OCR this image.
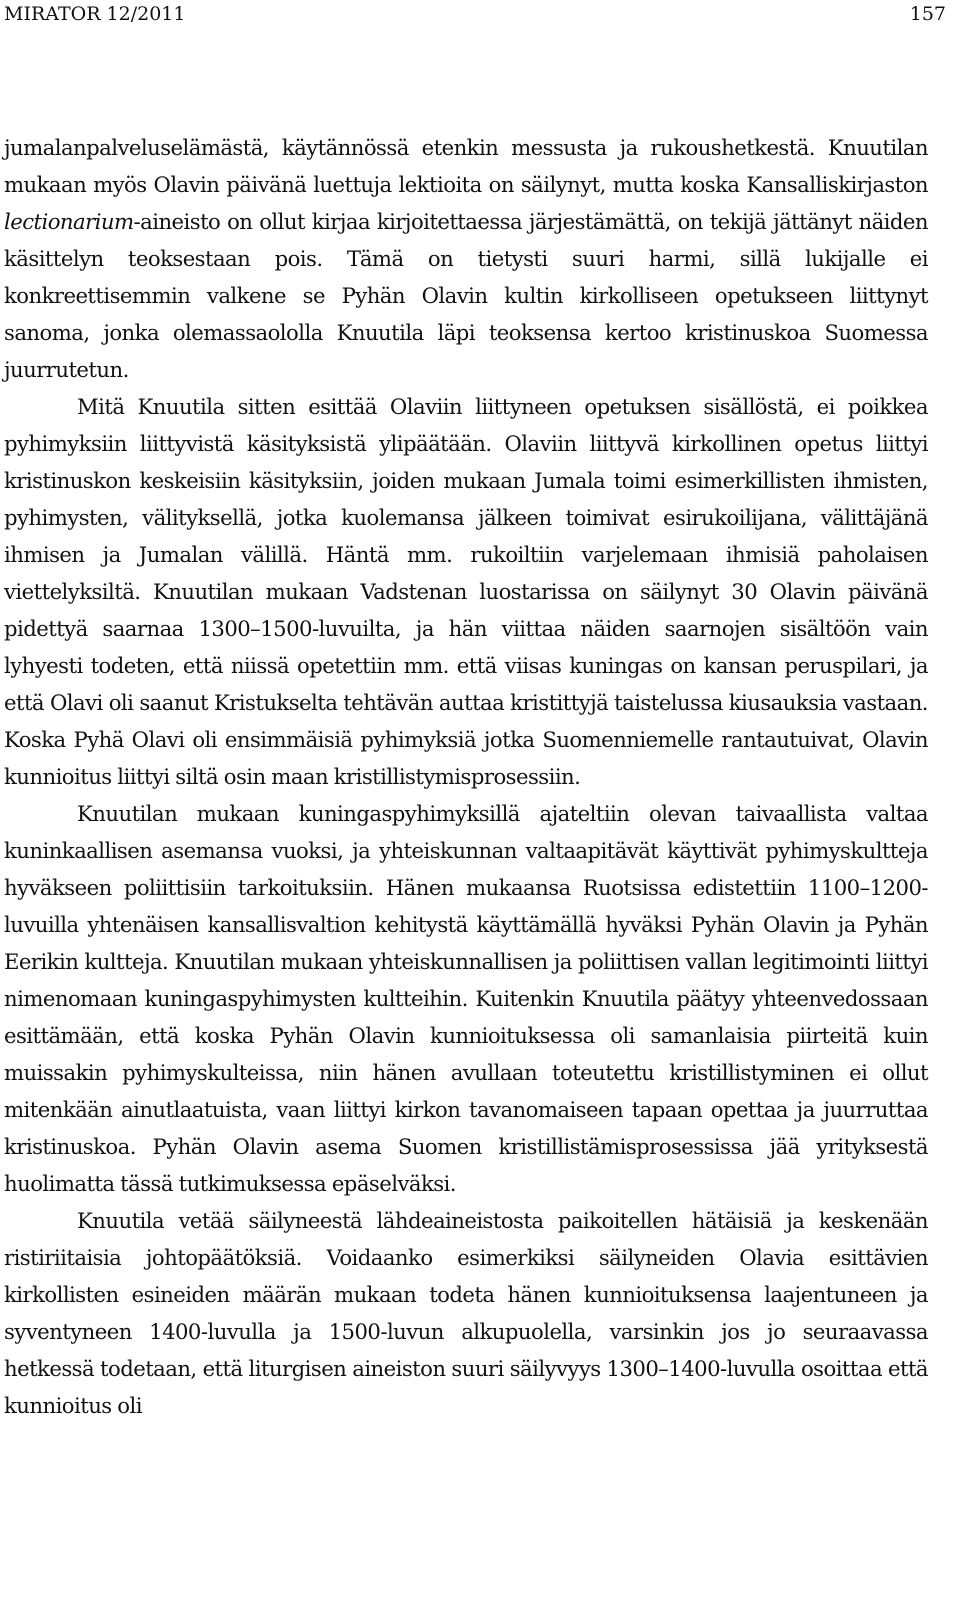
MIRATOR 12/2011	157

jumalanpalveluselämästä, käytännössä etenkin messusta ja rukoushetkestä. Knuutilan mukaan myös Olavin päivänä luettuja lektioita on säilynyt, mutta koska Kansalliskirjaston lectionarium-aineisto on ollut kirjaa kirjoitettaessa järjestämättä, on tekijä jättänyt näiden käsittelyn teoksestaan pois. Tämä on tietysti suuri harmi, sillä lukijalle ei konkreettisemmin valkene se Pyhän Olavin kultin kirkolliseen opetukseen liittynyt sanoma, jonka olemassaololla Knuutila läpi teoksensa kertoo kristinuskoa Suomessa juurrutetun.

Mitä Knuutila sitten esittää Olaviin liittyneen opetuksen sisällöstä, ei poikkea pyhimyksiin liittyvistä käsityksistä ylipäätään. Olaviin liittyvä kirkollinen opetus liittyi kristinuskon keskeisiin käsityksiin, joiden mukaan Jumala toimi esimerkillisten ihmisten, pyhimysten, välityksellä, jotka kuolemansa jälkeen toimivat esirukoilijana, välittäjänä ihmisen ja Jumalan välillä. Häntä mm. rukoiltiin varjelemaan ihmisiä paholaisen viettelyksiltä. Knuutilan mukaan Vadstenan luostarissa on säilynyt 30 Olavin päivänä pidettyä saarnaa 1300–1500-luvuilta, ja hän viittaa näiden saarnojen sisältöön vain lyhyesti todeten, että niissä opetettiin mm. että viisas kuningas on kansan peruspilari, ja että Olavi oli saanut Kristukselta tehtävän auttaa kristittyjä taistelussa kiusauksia vastaan. Koska Pyhä Olavi oli ensimmäisiä pyhimyksiä jotka Suomenniemelle rantautuivat, Olavin kunnioitus liittyi siltä osin maan kristillistymisprosessiin.

Knuutilan mukaan kuningaspyhimyksillä ajateltiin olevan taivaallista valtaa kuninkaallisen asemansa vuoksi, ja yhteiskunnan valtaapitävät käyttivät pyhimyskultteja hyväkseen poliittisiin tarkoituksiin. Hänen mukaansa Ruotsissa edistettiin 1100–1200-luvuilla yhtenäisen kansallisvaltion kehitystä käyttämällä hyväksi Pyhän Olavin ja Pyhän Eerikin kultteja. Knuutilan mukaan yhteiskunnallisen ja poliittisen vallan legitimointi liittyi nimenomaan kuningaspyhimysten kultteihin. Kuitenkin Knuutila päätyy yhteenvedossaan esittämään, että koska Pyhän Olavin kunnioituksessa oli samanlaisia piirteitä kuin muissakin pyhimyskulteissa, niin hänen avullaan toteutettu kristillistyminen ei ollut mitenkään ainutlaatuista, vaan liittyi kirkon tavanomaiseen tapaan opettaa ja juurruttaa kristinuskoa. Pyhän Olavin asema Suomen kristillistämisprosessissa jää yrityksestä huolimatta tässä tutkimuksessa epäselväksi.

Knuutila vetää säilyneestä lähdeaineistosta paikoitellen hätäisiä ja keskenään ristiriitaisia johtopäätöksiä. Voidaanko esimerkiksi säilyneiden Olavia esittävien kirkollisten esineiden määrän mukaan todeta hänen kunnioituksensa laajentuneen ja syventyneen 1400-luvulla ja 1500-luvun alkupuolella, varsinkin jos jo seuraavassa hetkessä todetaan, että liturgisen aineiston suuri säilyvyys 1300–1400-luvulla osoittaa että kunnioitus oli
